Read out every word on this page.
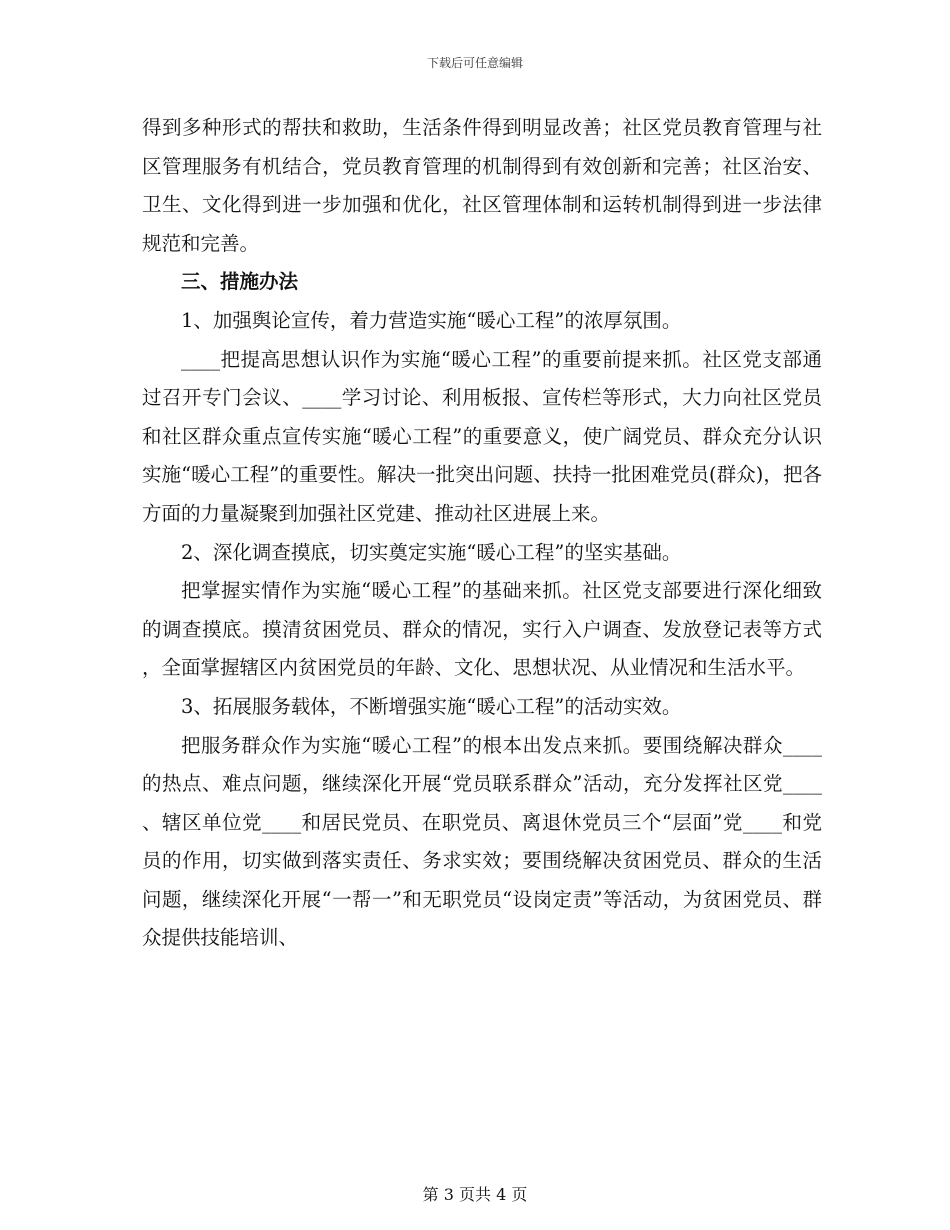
下载后可任意编辑

得到多种形式的帮扶和救助，生活条件得到明显改善；社区党员教育管理与社区管理服务有机结合，党员教育管理的机制得到有效创新和完善；社区治安、卫生、文化得到进一步加强和优化，社区管理体制和运转机制得到进一步法律规范和完善。

三、措施办法

1、加强舆论宣传，着力营造实施“暖心工程”的浓厚氛围。

____把提高思想认识作为实施“暖心工程”的重要前提来抓。社区党支部通过召开专门会议、____学习讨论、利用板报、宣传栏等形式，大力向社区党员和社区群众重点宣传实施“暖心工程”的重要意义，使广阔党员、群众充分认识实施“暖心工程”的重要性。解决一批突出问题、扶持一批困难党员(群众)，把各方面的力量凝聚到加强社区党建、推动社区进展上来。

2、深化调查摸底，切实奠定实施“暖心工程”的坚实基础。

把掌握实情作为实施“暖心工程”的基础来抓。社区党支部要进行深化细致的调查摸底。摸清贫困党员、群众的情况，实行入户调查、发放登记表等方式，全面掌握辖区内贫困党员的年龄、文化、思想状况、从业情况和生活水平。

3、拓展服务载体，不断增强实施“暖心工程”的活动实效。

把服务群众作为实施“暖心工程”的根本出发点来抓。要围绕解决群众____的热点、难点问题，继续深化开展“党员联系群众”活动，充分发挥社区党____、辖区单位党____和居民党员、在职党员、离退休党员三个“层面”党____和党员的作用，切实做到落实责任、务求实效；要围绕解决贫困党员、群众的生活问题，继续深化开展“一帮一”和无职党员“设岗定责”等活动，为贫困党员、群众提供技能培训、

第 3 页共 4 页
